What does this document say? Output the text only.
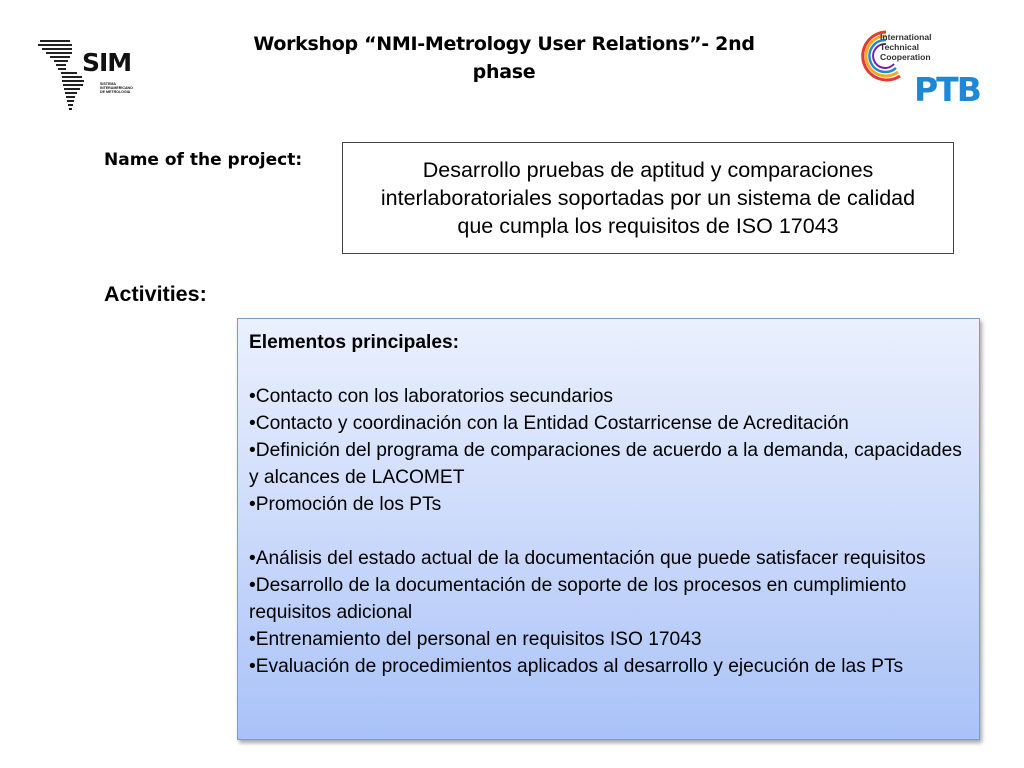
SIM
SISTEMA
INTERAMERICANO
DE METROLOGIA
Workshop “NMI-Metrology User Relations”- 2nd
phase
International
Technical
Cooperation
PTB
Name of the project:	Desarrollo pruebas de aptitud y comparaciones interlaboratoriales soportadas por un sistema de calidad que cumpla los requisitos de ISO 17043
Activities:
Elementos principales:
•Contacto con los laboratorios secundarios
•Contacto y coordinación con la Entidad Costarricense de Acreditación
•Definición del programa de comparaciones de acuerdo a la demanda, capacidades y alcances de LACOMET
•Promoción de los PTs
•Análisis del estado actual de la documentación que puede satisfacer requisitos
•Desarrollo de la documentación de soporte de los procesos en cumplimiento requisitos adicional
•Entrenamiento del personal en requisitos ISO 17043
•Evaluación de procedimientos aplicados al desarrollo y ejecución de las PTs
